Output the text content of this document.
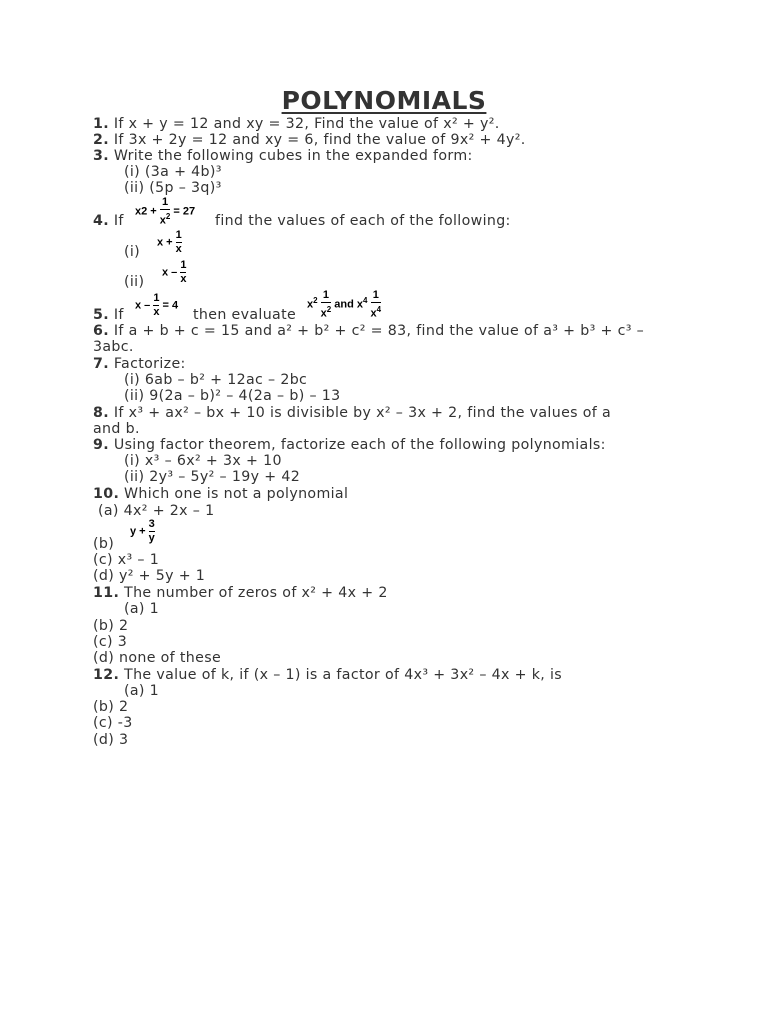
POLYNOMIALS
1. If x + y = 12 and xy = 32, Find the value of x² + y².
2. If 3x + 2y = 12 and xy = 6, find the value of 9x² + 4y².
3. Write the following cubes in the expanded form:
(i) (3a + 4b)³
(ii) (5p – 3q)³
4. If
$x2 + \frac{1}{x^2} = 27$
find the values of each of the following:
(i)
$x + \frac{1}{x}$
(ii)
x – $\frac{1}{x}$
5. If
$x - \frac{1}{x} = 4$
then evaluate
$x^2 \frac{1}{x^2}$ and $x^4 \frac{1}{x^4}$
6. If a + b + c = 15 and a² + b² + c² = 83, find the value of a³ + b³ + c³ –
3abc.
7. Factorize:
(i) 6ab – b² + 12ac – 2bc
(ii) 9(2a – b)² – 4(2a – b) – 13
8. If x³ + ax² – bx + 10 is divisible by x² – 3x + 2, find the values of a
and b.
9. Using factor theorem, factorize each of the following polynomials:
(i) x³ – 6x² + 3x + 10
(ii) 2y³ – 5y² – 19y + 42
10. Which one is not a polynomial
(a) 4x² + 2x – 1
(b)
$y + \frac{3}{y}$
(c) x³ – 1
(d) y² + 5y + 1
11. The number of zeros of x² + 4x + 2
(a) 1
(b) 2
(c) 3
(d) none of these
12. The value of k, if (x – 1) is a factor of 4x³ + 3x² – 4x + k, is
(a) 1
(b) 2
(c) -3
(d) 3
